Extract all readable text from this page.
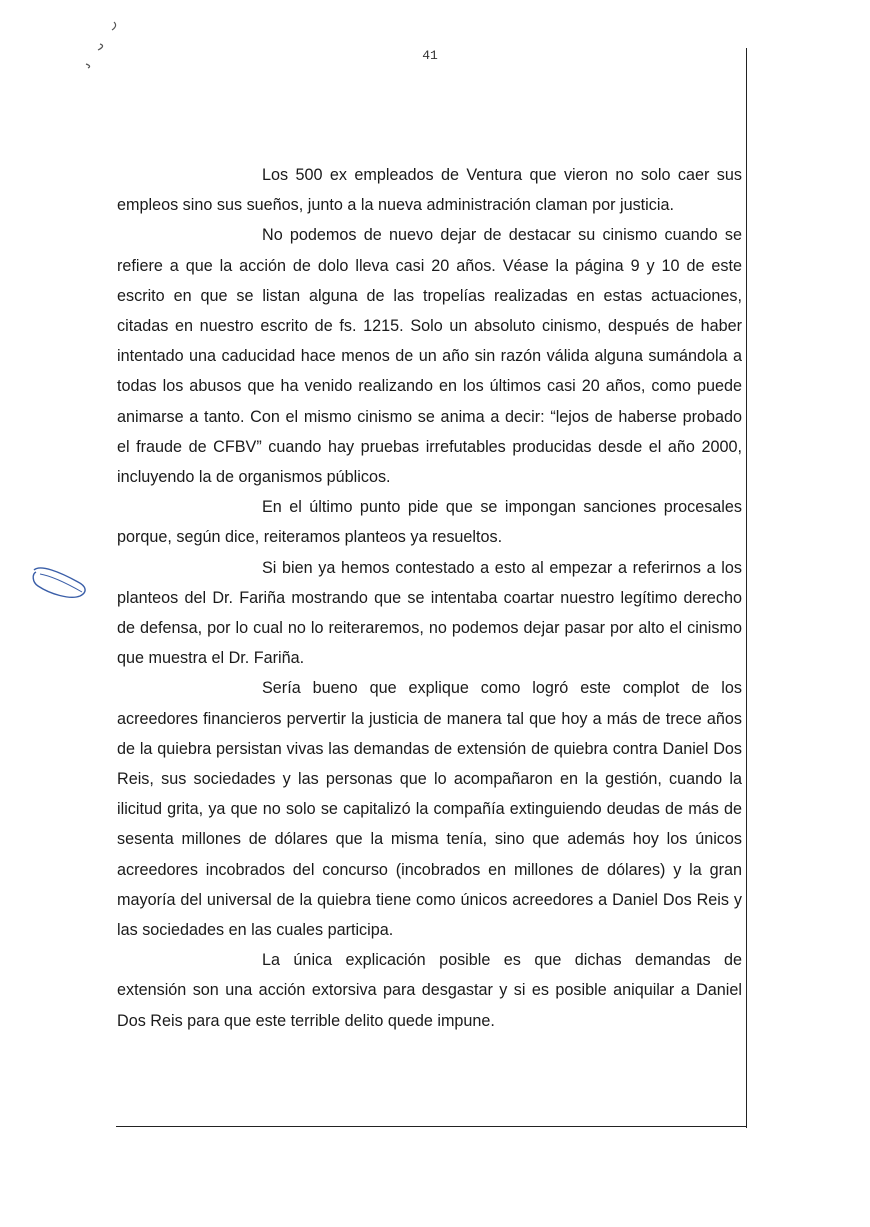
41

Los 500 ex empleados de Ventura que vieron no solo caer sus empleos sino sus sueños, junto a la nueva administración claman por justicia.

No podemos de nuevo dejar de destacar su cinismo cuando se refiere a que la acción de dolo lleva casi 20 años. Véase la página 9 y 10 de este escrito en que se listan alguna de las tropelías realizadas en estas actuaciones, citadas en nuestro escrito de fs. 1215. Solo un absoluto cinismo, después de haber intentado una caducidad hace menos de un año sin razón válida alguna sumándola a todas los abusos que ha venido realizando en los últimos casi 20 años, como puede animarse a tanto. Con el mismo cinismo se anima a decir: “lejos de haberse probado el fraude de CFBV” cuando hay pruebas irrefutables producidas desde el año 2000, incluyendo la de organismos públicos.

En el último punto pide que se impongan sanciones procesales porque, según dice, reiteramos planteos ya resueltos.

Si bien ya hemos contestado a esto al empezar a referirnos a los planteos del Dr. Fariña mostrando que se intentaba coartar nuestro legítimo derecho de defensa, por lo cual no lo reiteraremos, no podemos dejar pasar por alto el cinismo que muestra el Dr. Fariña.

Sería bueno que explique como logró este complot de los acreedores financieros pervertir la justicia de manera tal que hoy a más de trece años de la quiebra persistan vivas las demandas de extensión de quiebra contra Daniel Dos Reis, sus sociedades y las personas que lo acompañaron en la gestión, cuando la ilicitud grita, ya que no solo se capitalizó la compañía extinguiendo deudas de más de sesenta millones de dólares que la misma tenía, sino que además hoy los únicos acreedores incobrados del concurso (incobrados en millones de dólares) y la gran mayoría del universal de la quiebra tiene como únicos acreedores a Daniel Dos Reis y las sociedades en las cuales participa.

La única explicación posible es que dichas demandas de extensión son una acción extorsiva para desgastar y si es posible aniquilar a Daniel Dos Reis para que este terrible delito quede impune.
